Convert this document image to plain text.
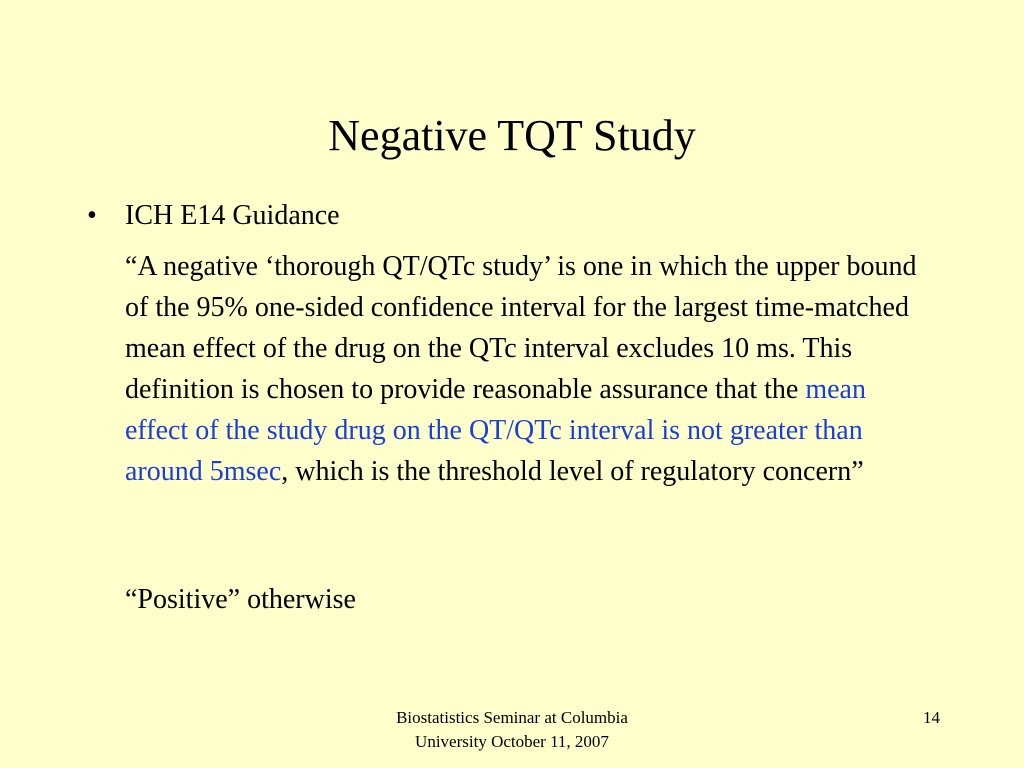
Negative TQT Study
• ICH E14 Guidance
“A negative ‘thorough QT/QTc study’ is one in which the upper bound of the 95% one-sided confidence interval for the largest time-matched mean effect of the drug on the QTc interval excludes 10 ms. This definition is chosen to provide reasonable assurance that the mean effect of the study drug on the QT/QTc interval is not greater than around 5msec, which is the threshold level of regulatory concern”
“Positive” otherwise
Biostatistics Seminar at Columbia
University October 11, 2007
14
